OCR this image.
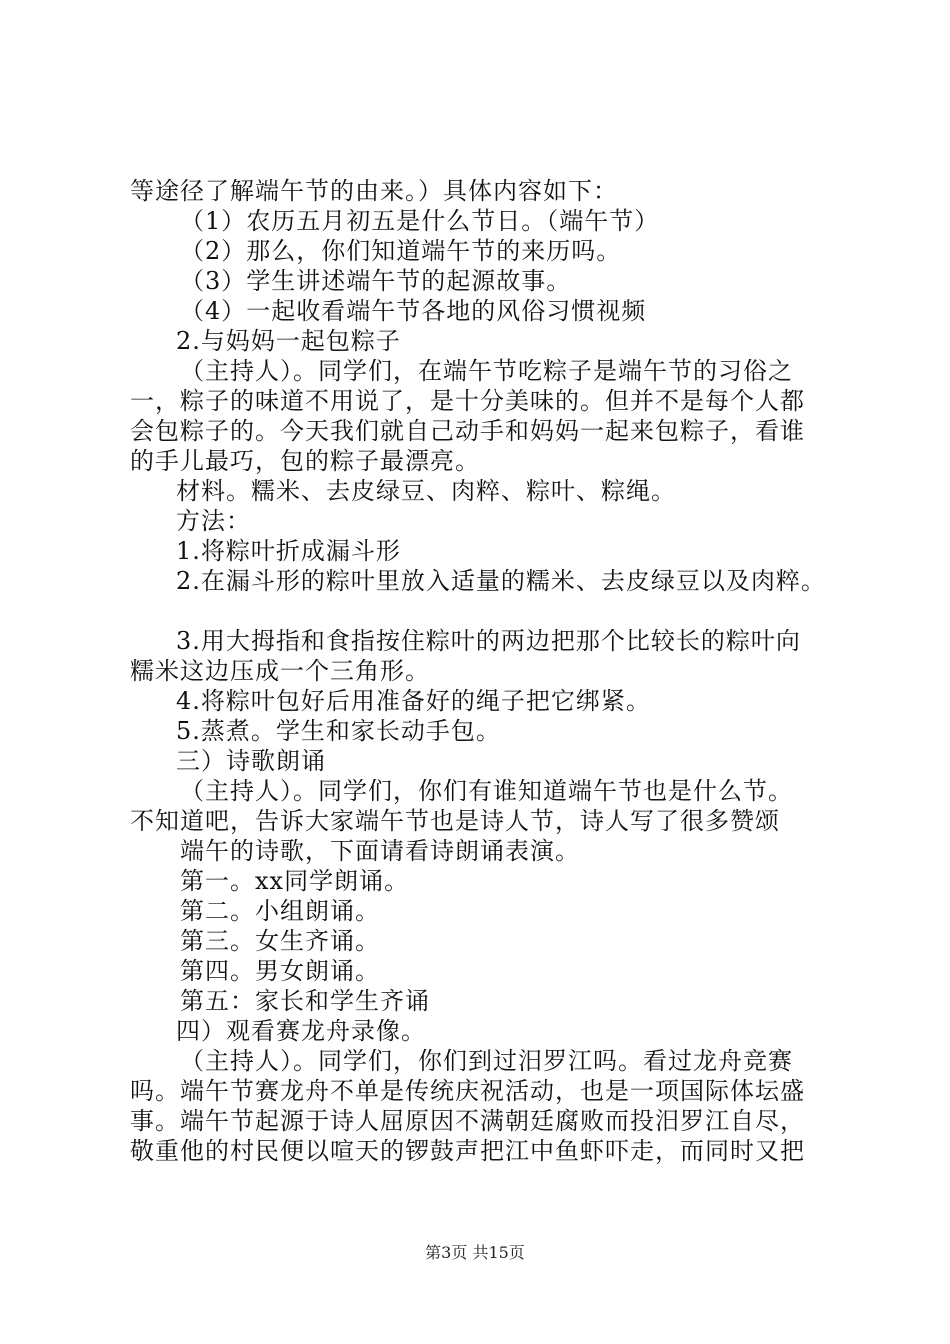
等途径了解端午节的由来。）具体内容如下：
（1）农历五月初五是什么节日。（端午节）
（2）那么，你们知道端午节的来历吗。
（3）学生讲述端午节的起源故事。
（4）一起收看端午节各地的风俗习惯视频
2.与妈妈一起包粽子
（主持人）。同学们，在端午节吃粽子是端午节的习俗之
一，粽子的味道不用说了，是十分美味的。但并不是每个人都
会包粽子的。今天我们就自己动手和妈妈一起来包粽子，看谁
的手儿最巧，包的粽子最漂亮。
材料。糯米、去皮绿豆、肉粹、粽叶、粽绳。
方法：
1.将粽叶折成漏斗形
2.在漏斗形的粽叶里放入适量的糯米、去皮绿豆以及肉粹。
3.用大拇指和食指按住粽叶的两边把那个比较长的粽叶向
糯米这边压成一个三角形。
4.将粽叶包好后用准备好的绳子把它绑紧。
5.蒸煮。学生和家长动手包。
三）诗歌朗诵
（主持人）。同学们，你们有谁知道端午节也是什么节。
不知道吧，告诉大家端午节也是诗人节，诗人写了很多赞颂
端午的诗歌，下面请看诗朗诵表演。
第一。xx同学朗诵。
第二。小组朗诵。
第三。女生齐诵。
第四。男女朗诵。
第五：家长和学生齐诵
四）观看赛龙舟录像。
（主持人）。同学们，你们到过汨罗江吗。看过龙舟竞赛
吗。端午节赛龙舟不单是传统庆祝活动，也是一项国际体坛盛
事。端午节起源于诗人屈原因不满朝廷腐败而投汨罗江自尽，
敬重他的村民便以喧天的锣鼓声把江中鱼虾吓走，而同时又把
第3页 共15页
